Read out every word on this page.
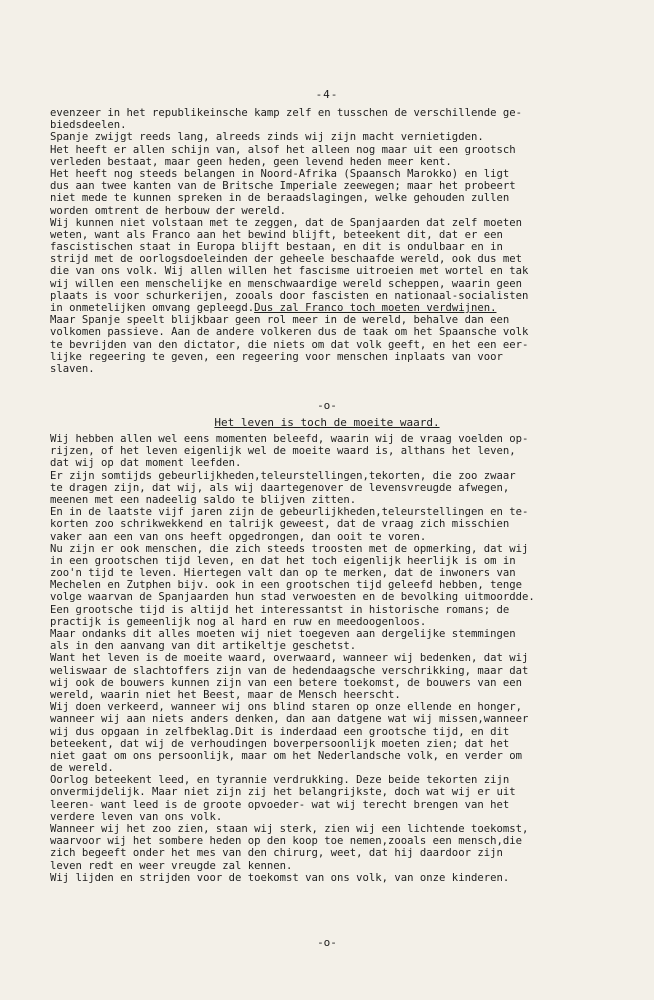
-4-
evenzeer in het republikeinsche kamp zelf en tusschen de verschillende ge-
biedsdeelen.
Spanje zwijgt reeds lang, alreeds zinds wij zijn macht vernietigden.
Het heeft er allen schijn van, alsof het alleen nog maar uit een grootsch
verleden bestaat, maar geen heden, geen levend heden meer kent.
Het heeft nog steeds belangen in Noord-Afrika (Spaansch Marokko) en ligt
dus aan twee kanten van de Britsche Imperiale zeewegen; maar het probeert
niet mede te kunnen spreken in de beraadslagingen, welke gehouden zullen
worden omtrent de herbouw der wereld.
Wij kunnen niet volstaan met te zeggen, dat de Spanjaarden dat zelf moeten
weten, want als Franco aan het bewind blijft, beteekent dit, dat er een
fascistischen staat in Europa blijft bestaan, en dit is ondulbaar en in
strijd met de oorlogsdoeleinden der geheele beschaafde wereld, ook dus met
die van ons volk. Wij allen willen het fascisme uitroeien met wortel en tak
wij willen een menschelijke en menschwaardige wereld scheppen, waarin geen
plaats is voor schurkerijen, zooals door fascisten en nationaal-socialisten
in onmetelijken omvang gepleegd.Dus zal Franco toch moeten verdwijnen.
Maar Spanje speelt blijkbaar geen rol meer in de wereld, behalve dan een
volkomen passieve. Aan de andere volkeren dus de taak om het Spaansche volk
te bevrijden van den dictator, die niets om dat volk geeft, en het een eer-
lijke regeering te geven, een regeering voor menschen inplaats van voor
slaven.
-o-
Het leven is toch de moeite waard.
Wij hebben allen wel eens momenten beleefd, waarin wij de vraag voelden op-
rijzen, of het leven eigenlijk wel de moeite waard is, althans het leven,
dat wij op dat moment leefden.
Er zijn somtijds gebeurlijkheden,teleurstellingen,tekorten, die zoo zwaar
te dragen zijn, dat wij, als wij daartegenover de levensvreugde afwegen,
meenen met een nadeelig saldo te blijven zitten.
En in de laatste vijf jaren zijn de gebeurlijkheden,teleurstellingen en te-
korten zoo schrikwekkend en talrijk geweest, dat de vraag zich misschien
vaker aan een van ons heeft opgedrongen, dan ooit te voren.
Nu zijn er ook menschen, die zich steeds troosten met de opmerking, dat wij
in een grootschen tijd leven, en dat het toch eigenlijk heerlijk is om in
zoo'n tijd te leven. Hiertegen valt dan op te merken, dat de inwoners van
Mechelen en Zutphen bijv. ook in een grootschen tijd geleefd hebben, tenge
volge waarvan de Spanjaarden hun stad verwoesten en de bevolking uitmoordde.
Een grootsche tijd is altijd het interessantst in historische romans; de
practijk is gemeenlijk nog al hard en ruw en meedoogenloos.
Maar ondanks dit alles moeten wij niet toegeven aan dergelijke stemmingen
als in den aanvang van dit artikeltje geschetst.
Want het leven is de moeite waard, overwaard, wanneer wij bedenken, dat wij
weliswaar de slachtoffers zijn van de hedendaagsche verschrikking, maar dat
wij ook de bouwers kunnen zijn van een betere toekomst, de bouwers van een
wereld, waarin niet het Beest, maar de Mensch heerscht.
Wij doen verkeerd, wanneer wij ons blind staren op onze ellende en honger,
wanneer wij aan niets anders denken, dan aan datgene wat wij missen,wanneer
wij dus opgaan in zelfbeklag.Dit is inderdaad een grootsche tijd, en dit
beteekent, dat wij de verhoudingen boverpersoonlijk moeten zien; dat het
niet gaat om ons persoonlijk, maar om het Nederlandsche volk, en verder om
de wereld.
Oorlog beteekent leed, en tyrannie verdrukking. Deze beide tekorten zijn
onvermijdelijk. Maar niet zijn zij het belangrijkste, doch wat wij er uit
leeren- want leed is de groote opvoeder- wat wij terecht brengen van het
verdere leven van ons volk.
Wanneer wij het zoo zien, staan wij sterk, zien wij een lichtende toekomst,
waarvoor wij het sombere heden op den koop toe nemen,zooals een mensch,die
zich begeeft onder het mes van den chirurg, weet, dat hij daardoor zijn
leven redt en weer vreugde zal kennen.
Wij lijden en strijden voor de toekomst van ons volk, van onze kinderen.
-o-
